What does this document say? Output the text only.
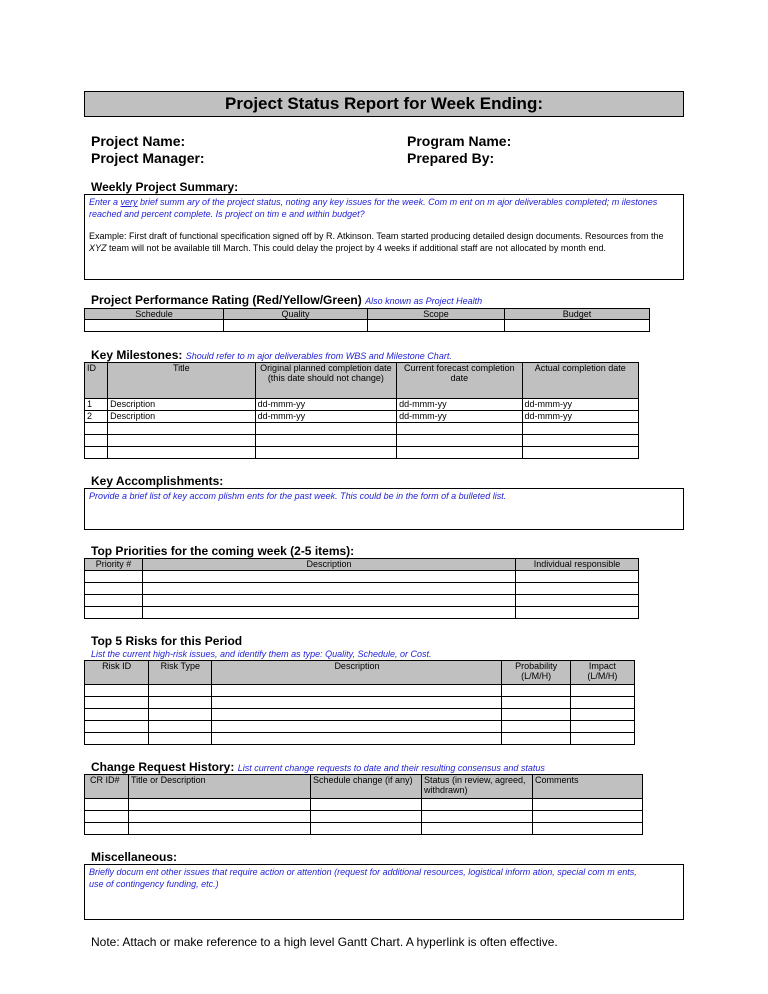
Project Status Report for Week Ending:
Project Name:
Project Manager:
Program Name:
Prepared By:
Weekly Project Summary:
Enter a very brief summ ary of the project status, noting any key issues for the week. Com m ent on m ajor deliverables completed; m ilestones reached and percent complete. Is project on tim e and within budget?
Example: First draft of functional specification signed off by R. Atkinson. Team started producing detailed design documents. Resources from the XYZ team will not be available till March. This could delay the project by 4 weeks if additional staff are not allocated by month end.
Project Performance Rating (Red/Yellow/Green) Also known as Project Health
Schedule	Quality	Scope	Budget

Key Milestones: Should refer to m ajor deliverables from WBS and Milestone Chart.
ID	Title	Original planned completion date (this date should not change)	Current forecast completion date	Actual completion date
1	Description	dd-mmm-yy	dd-mmm-yy	dd-mmm-yy
2	Description	dd-mmm-yy	dd-mmm-yy	dd-mmm-yy

Key Accomplishments:
Provide a brief list of key accom plishm ents for the past week. This could be in the form of a bulleted list.
Top Priorities for the coming week (2-5 items):
Priority #	Description	Individual responsible

Top 5 Risks for this Period
List the current high-risk issues, and identify them as type: Quality, Schedule, or Cost.
Risk ID	Risk Type	Description	Probability (L/M/H)	Impact (L/M/H)

Change Request History: List current change requests to date and their resulting consensus and status
CR ID#	Title or Description	Schedule change (if any)	Status (in review, agreed, withdrawn)	Comments

Miscellaneous:
Briefly docum ent other issues that require action or attention (request for additional resources, logistical inform ation, special com m ents, use of contingency funding, etc.)
Note: Attach or make reference to a high level Gantt Chart. A hyperlink is often effective.
